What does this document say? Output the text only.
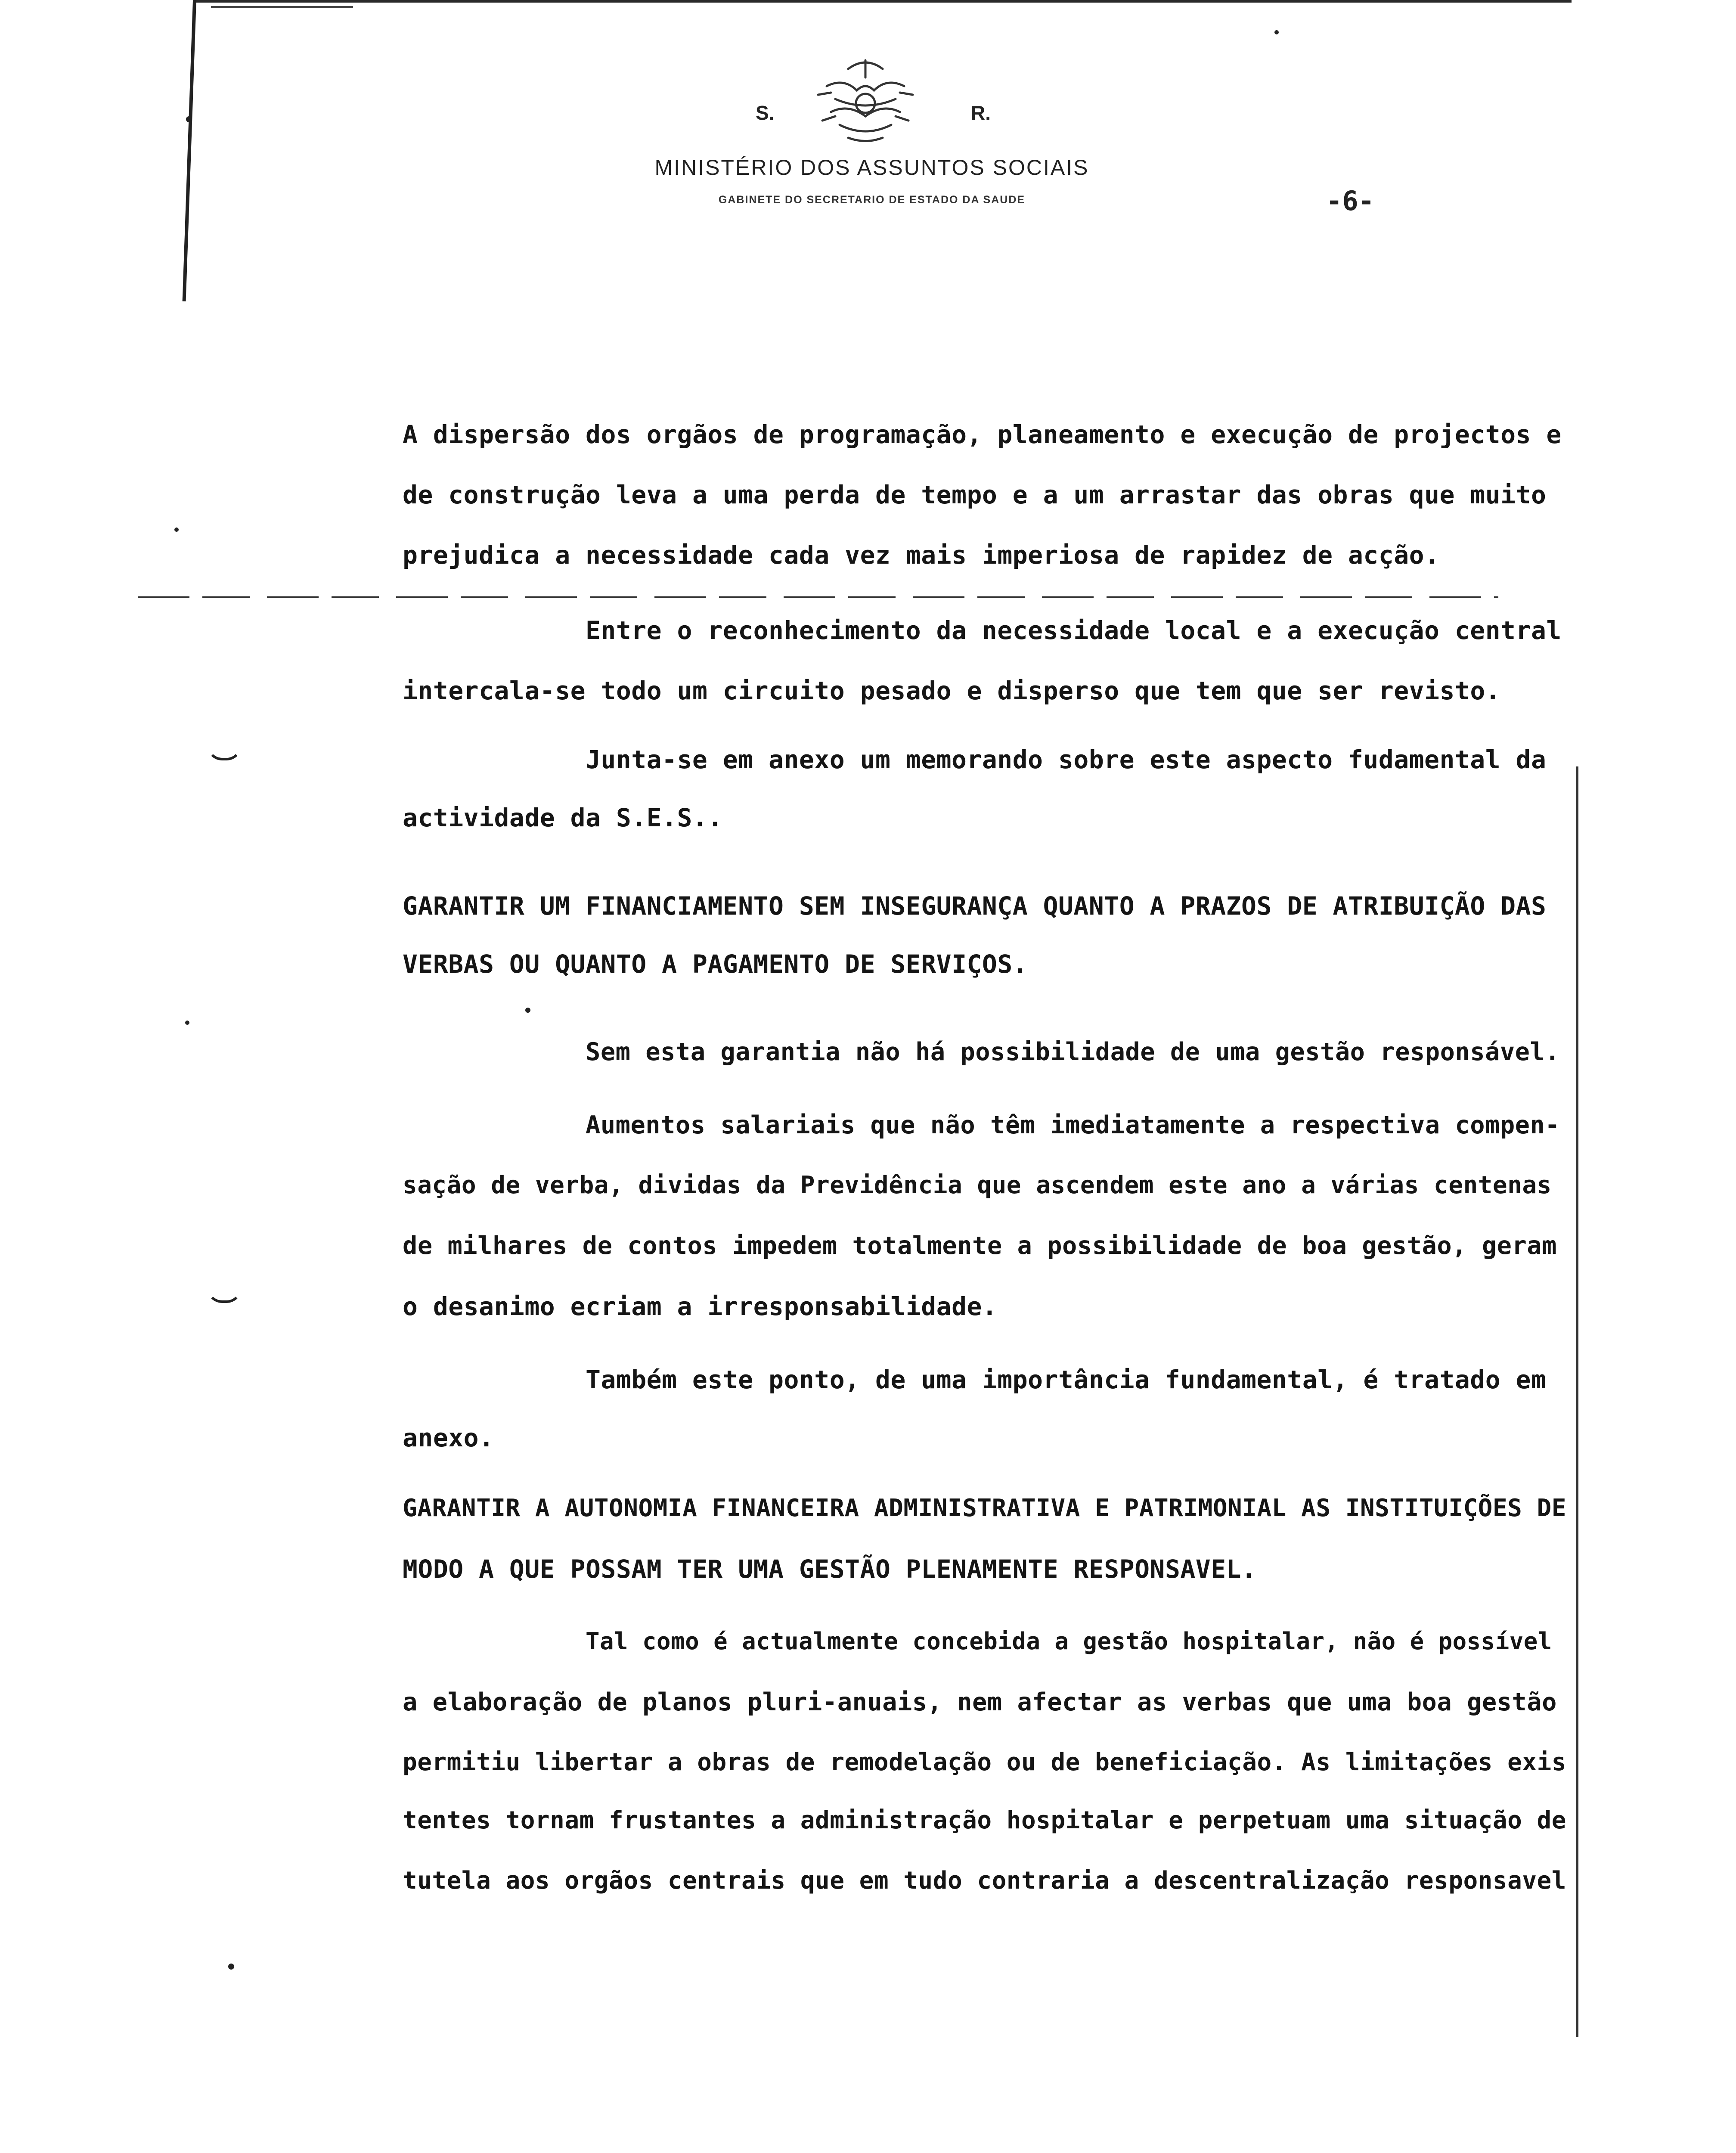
S.	R.
MINISTÉRIO DOS ASSUNTOS SOCIAIS
GABINETE DO SECRETARIO DE ESTADO DA SAUDE	-6-
A dispersão dos orgãos de programação, planeamento e execução de projectos e
de construção leva a uma perda de tempo e a um arrastar das obras que muito
prejudica a necessidade cada vez mais imperiosa de rapidez de acção.
Entre o reconhecimento da necessidade local e a execução central
intercala-se todo um circuito pesado e disperso que tem que ser revisto.
Junta-se em anexo um memorando sobre este aspecto fudamental da
actividade da S.E.S..
GARANTIR UM FINANCIAMENTO SEM INSEGURANÇA QUANTO A PRAZOS DE ATRIBUIÇÃO DAS
VERBAS OU QUANTO A PAGAMENTO DE SERVIÇOS.
Sem esta garantia não há possibilidade de uma gestão responsável.
Aumentos salariais que não têm imediatamente a respectiva compen-
sação de verba, dividas da Previdência que ascendem este ano a várias centenas
de milhares de contos impedem totalmente a possibilidade de boa gestão, geram
o desanimo ecriam a irresponsabilidade.
Também este ponto, de uma importância fundamental, é tratado em
anexo.
GARANTIR A AUTONOMIA FINANCEIRA ADMINISTRATIVA E PATRIMONIAL AS INSTITUIÇÕES DE
MODO A QUE POSSAM TER UMA GESTÃO PLENAMENTE RESPONSAVEL.
Tal como é actualmente concebida a gestão hospitalar, não é possível
a elaboração de planos pluri-anuais, nem afectar as verbas que uma boa gestão
permitiu libertar a obras de remodelação ou de beneficiação. As limitações exis
tentes tornam frustantes a administração hospitalar e perpetuam uma situação de
tutela aos orgãos centrais que em tudo contraria a descentralização responsavel
